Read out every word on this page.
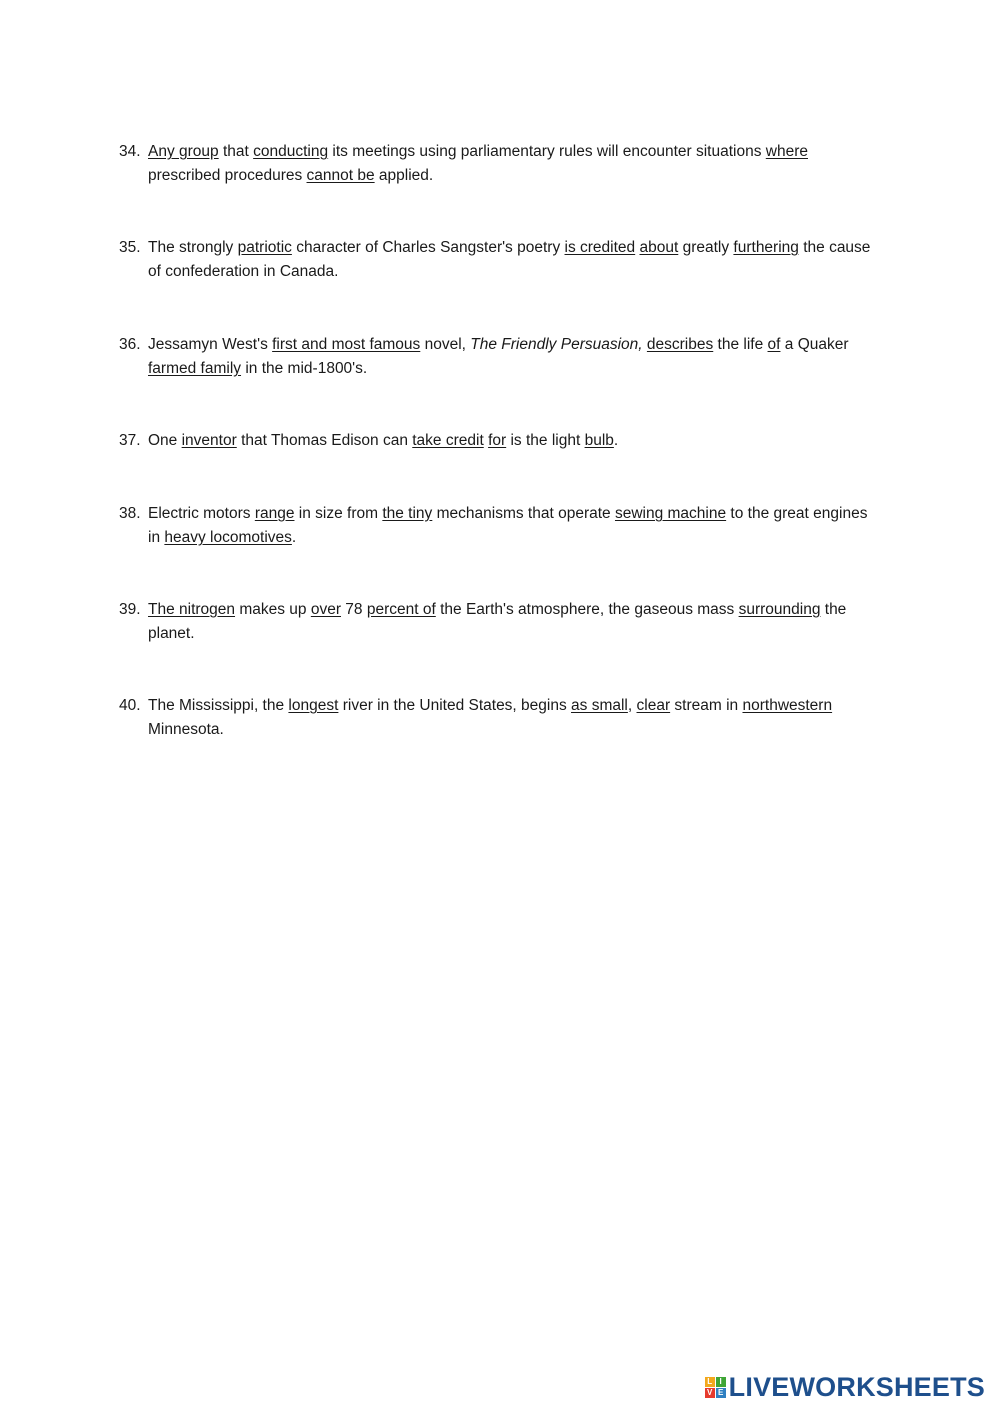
34. Any group that conducting its meetings using parliamentary rules will encounter situations where prescribed procedures cannot be applied.
35. The strongly patriotic character of Charles Sangster's poetry is credited about greatly furthering the cause of confederation in Canada.
36. Jessamyn West's first and most famous novel, The Friendly Persuasion, describes the life of a Quaker farmed family in the mid-1800's.
37. One inventor that Thomas Edison can take credit for is the light bulb.
38. Electric motors range in size from the tiny mechanisms that operate sewing machine to the great engines in heavy locomotives.
39. The nitrogen makes up over 78 percent of the Earth's atmosphere, the gaseous mass surrounding the planet.
40. The Mississippi, the longest river in the United States, begins as small, clear stream in northwestern Minnesota.
L I
V E LIVEWORKSHEETS
